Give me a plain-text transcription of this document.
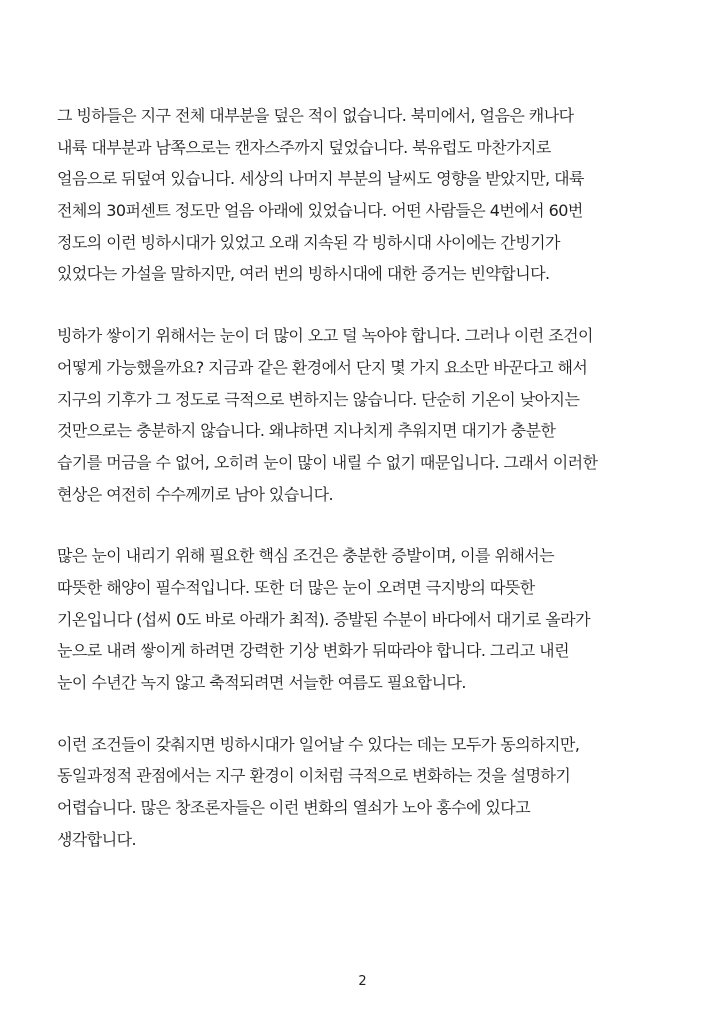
그 빙하들은 지구 전체 대부분을 덮은 적이 없습니다. 북미에서, 얼음은 캐나다
내륙 대부분과 남쪽으로는 캔자스주까지 덮었습니다. 북유럽도 마찬가지로
얼음으로 뒤덮여 있습니다. 세상의 나머지 부분의 날씨도 영향을 받았지만, 대륙
전체의 30퍼센트 정도만 얼음 아래에 있었습니다. 어떤 사람들은 4번에서 60번
정도의 이런 빙하시대가 있었고 오래 지속된 각 빙하시대 사이에는 간빙기가
있었다는 가설을 말하지만, 여러 번의 빙하시대에 대한 증거는 빈약합니다.

빙하가 쌓이기 위해서는 눈이 더 많이 오고 덜 녹아야 합니다. 그러나 이런 조건이
어떻게 가능했을까요? 지금과 같은 환경에서 단지 몇 가지 요소만 바꾼다고 해서
지구의 기후가 그 정도로 극적으로 변하지는 않습니다. 단순히 기온이 낮아지는
것만으로는 충분하지 않습니다. 왜냐하면 지나치게 추워지면 대기가 충분한
습기를 머금을 수 없어, 오히려 눈이 많이 내릴 수 없기 때문입니다. 그래서 이러한
현상은 여전히 수수께끼로 남아 있습니다.

많은 눈이 내리기 위해 필요한 핵심 조건은 충분한 증발이며, 이를 위해서는
따뜻한 해양이 필수적입니다. 또한 더 많은 눈이 오려면 극지방의 따뜻한
기온입니다 (섭씨 0도 바로 아래가 최적). 증발된 수분이 바다에서 대기로 올라가
눈으로 내려 쌓이게 하려면 강력한 기상 변화가 뒤따라야 합니다. 그리고 내린
눈이 수년간 녹지 않고 축적되려면 서늘한 여름도 필요합니다.

이런 조건들이 갖춰지면 빙하시대가 일어날 수 있다는 데는 모두가 동의하지만,
동일과정적 관점에서는 지구 환경이 이처럼 극적으로 변화하는 것을 설명하기
어렵습니다. 많은 창조론자들은 이런 변화의 열쇠가 노아 홍수에 있다고
생각합니다.

2
